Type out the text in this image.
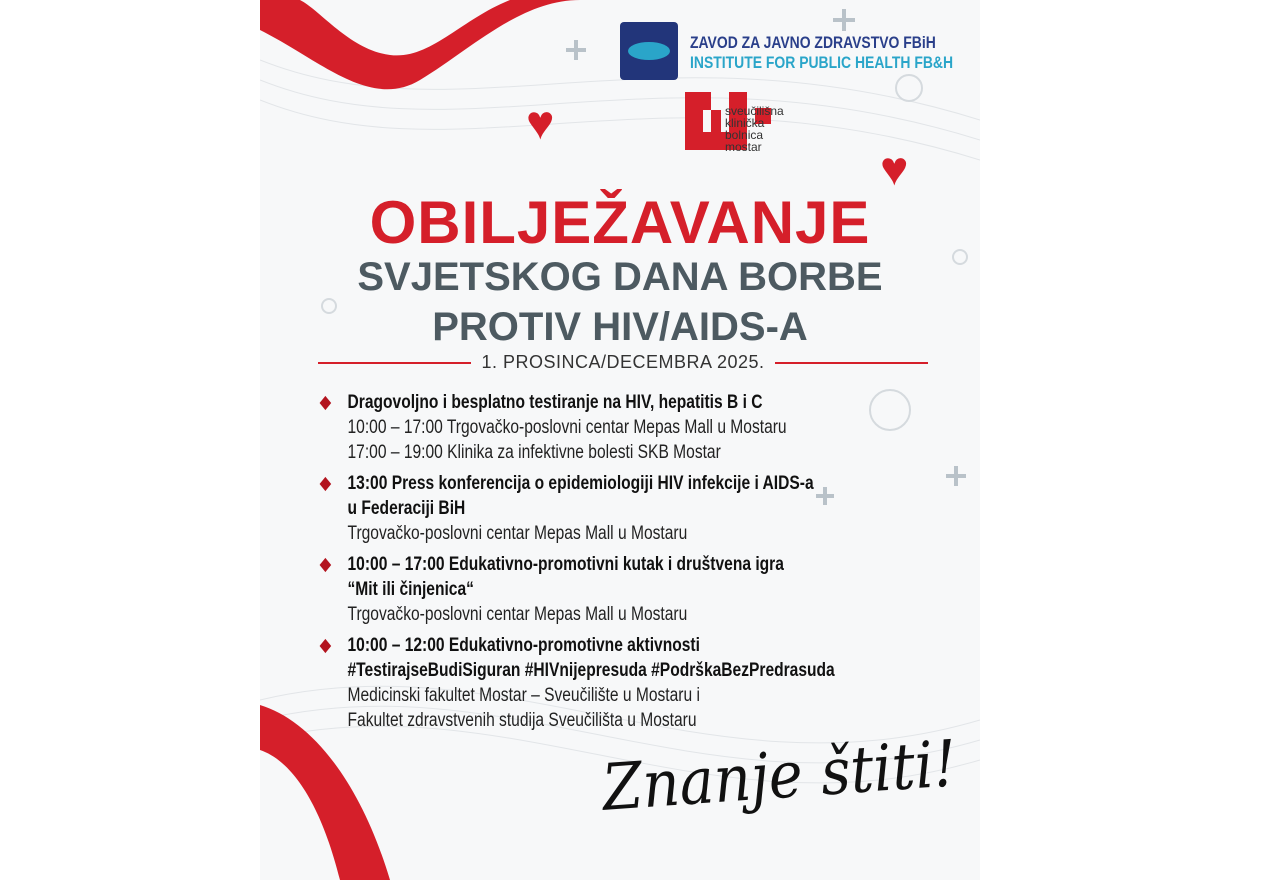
ZAVOD ZA JAVNO ZDRAVSTVO FBiH
INSTITUTE FOR PUBLIC HEALTH FB&H
sveučilišna
klinička
bolnica
mostar
♥
♥
OBILJEŽAVANJE
SVJETSKOG DANA BORBE
PROTIV HIV/AIDS-A
1. PROSINCA/DECEMBRA 2025.
Dragovoljno i besplatno testiranje na HIV, hepatitis B i C
10:00 – 17:00 Trgovačko-poslovni centar Mepas Mall u Mostaru
17:00 – 19:00 Klinika za infektivne bolesti SKB Mostar
13:00 Press konferencija o epidemiologiji HIV infekcije i AIDS-a
u Federaciji BiH
Trgovačko-poslovni centar Mepas Mall u Mostaru
10:00 – 17:00 Edukativno-promotivni kutak i društvena igra
“Mit ili činjenica“
Trgovačko-poslovni centar Mepas Mall u Mostaru
10:00 – 12:00 Edukativno-promotivne aktivnosti
#TestirajseBudiSiguran #HIVnijepresuda #PodrškaBezPredrasuda
Medicinski fakultet Mostar – Sveučilište u Mostaru i
Fakultet zdravstvenih studija Sveučilišta u Mostaru
Znanje štiti!
